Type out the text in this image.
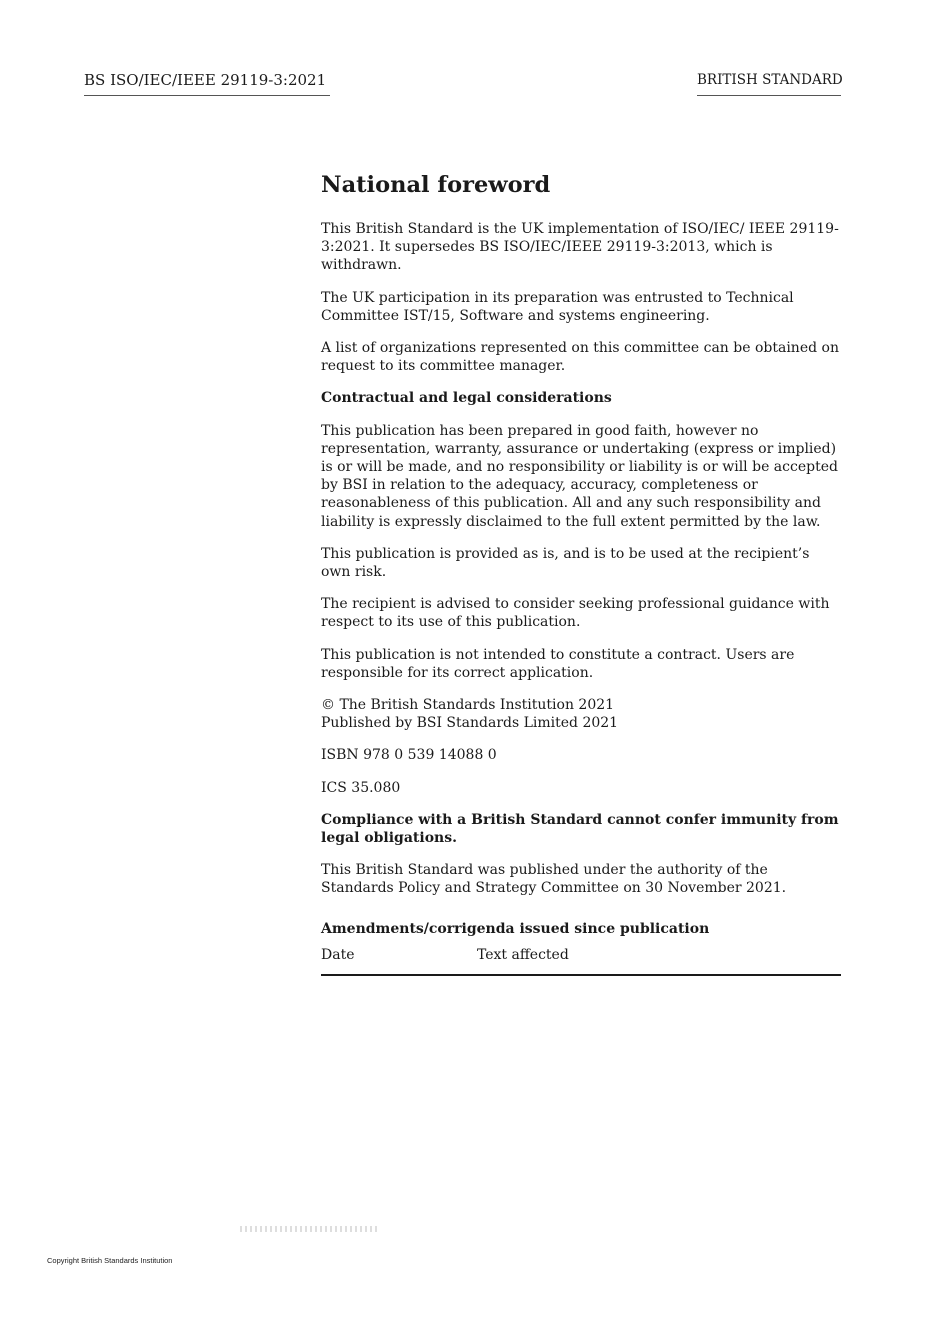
BS ISO/IEC/IEEE 29119-3:2021	BRITISH STANDARD
National foreword

This British Standard is the UK implementation of ISO/IEC/ IEEE 29119-3:2021. It supersedes BS ISO/IEC/IEEE 29119-3:2013, which is withdrawn.

The UK participation in its preparation was entrusted to Technical Committee IST/15, Software and systems engineering.

A list of organizations represented on this committee can be obtained on request to its committee manager.

Contractual and legal considerations

This publication has been prepared in good faith, however no representation, warranty, assurance or undertaking (express or implied) is or will be made, and no responsibility or liability is or will be accepted by BSI in relation to the adequacy, accuracy, completeness or reasonableness of this publication. All and any such responsibility and liability is expressly disclaimed to the full extent permitted by the law.

This publication is provided as is, and is to be used at the recipient’s own risk.

The recipient is advised to consider seeking professional guidance with respect to its use of this publication.

This publication is not intended to constitute a contract. Users are responsible for its correct application.

© The British Standards Institution 2021
Published by BSI Standards Limited 2021

ISBN 978 0 539 14088 0

ICS 35.080

Compliance with a British Standard cannot confer immunity from legal obligations.

This British Standard was published under the authority of the Standards Policy and Strategy Committee on 30 November 2021.

Amendments/corrigenda issued since publication
Date	Text affected
Copyright British Standards Institution
